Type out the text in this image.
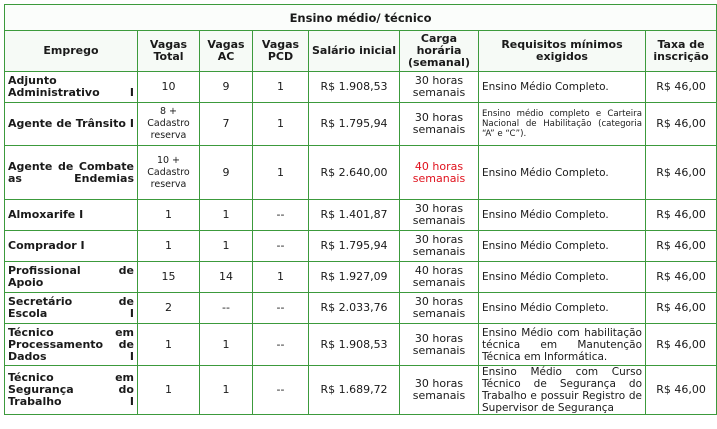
Ensino médio/ técnico							
Emprego	Vagas Total	Vagas AC	Vagas PCD	Salário inicial	Carga horária (semanal)	Requisitos mínimos exigidos	Taxa de inscrição
Adjunto Administrativo I	10	9	1	R$ 1.908,53	30 horas semanais	Ensino Médio Completo.	R$ 46,00
Agente de Trânsito I	8 + Cadastro reserva	7	1	R$ 1.795,94	30 horas semanais	Ensino médio completo e Carteira Nacional de Habilitação (categoria “A” e “C”).	R$ 46,00
Agente de Combate as Endemias	10 + Cadastro reserva	9	1	R$ 2.640,00	40 horas semanais	Ensino Médio Completo.	R$ 46,00
Almoxarife I	1	1	--	R$ 1.401,87	30 horas semanais	Ensino Médio Completo.	R$ 46,00
Comprador I	1	1	--	R$ 1.795,94	30 horas semanais	Ensino Médio Completo.	R$ 46,00
Profissional de Apoio	15	14	1	R$ 1.927,09	40 horas semanais	Ensino Médio Completo.	R$ 46,00
Secretário de Escola I	2	--	--	R$ 2.033,76	30 horas semanais	Ensino Médio Completo.	R$ 46,00
Técnico em Processamento de Dados I	1	1	--	R$ 1.908,53	30 horas semanais	Ensino Médio com habilitação técnica em Manutenção Técnica em Informática.	R$ 46,00
Técnico em Segurança do Trabalho I	1	1	--	R$ 1.689,72	30 horas semanais	Ensino Médio com Curso Técnico de Segurança do Trabalho e possuir Registro de Supervisor de Segurança	R$ 46,00
